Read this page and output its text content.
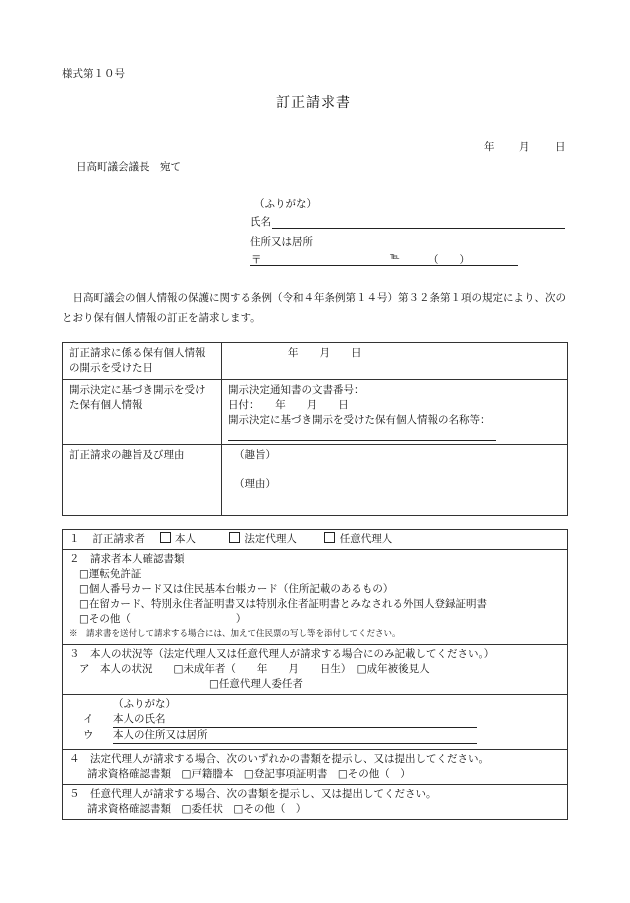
様式第１０号
訂正請求書
年 月 日
日高町議会議長　宛て
（ふりがな）
氏名
住所又は居所
〒	℡	（　　）
日高町議会の個人情報の保護に関する条例（令和４年条例第１４号）第３２条第１項の規定により、次のとおり保有個人情報の訂正を請求します。
訂正請求に係る保有個人情報の開示を受けた日	年　　月　　日
開示決定に基づき開示を受けた保有個人情報	開示決定通知書の文書番号：
日付：　　年　　月　　日
開示決定に基づき開示を受けた保有個人情報の名称等：

訂正請求の趣旨及び理由	（趣旨）
（理由）
１ 訂正請求者	本人	法定代理人	任意代理人

２　請求者本人確認書類
□運転免許証
□個人番号カード又は住民基本台帳カード（住所記載のあるもの）
□在留カード、特別永住者証明書又は特別永住者証明書とみなされる外国人登録証明書
□その他（　　　　　　　　　　）
※　請求書を送付して請求する場合には、加えて住民票の写し等を添付してください。

３　本人の状況等（法定代理人又は任意代理人が請求する場合にのみ記載してください。）
ア　本人の状況　　□未成年者（　　年　　月　　日生）　□成年被後見人
□任意代理人委任者

（ふりがな）
イ 本人の氏名
ウ 本人の住所又は居所

４　法定代理人が請求する場合、次のいずれかの書類を提示し、又は提出してください。
請求資格確認書類　□戸籍謄本　□登記事項証明書　□その他（　）

５　任意代理人が請求する場合、次の書類を提示し、又は提出してください。
請求資格確認書類　□委任状　□その他（　）
